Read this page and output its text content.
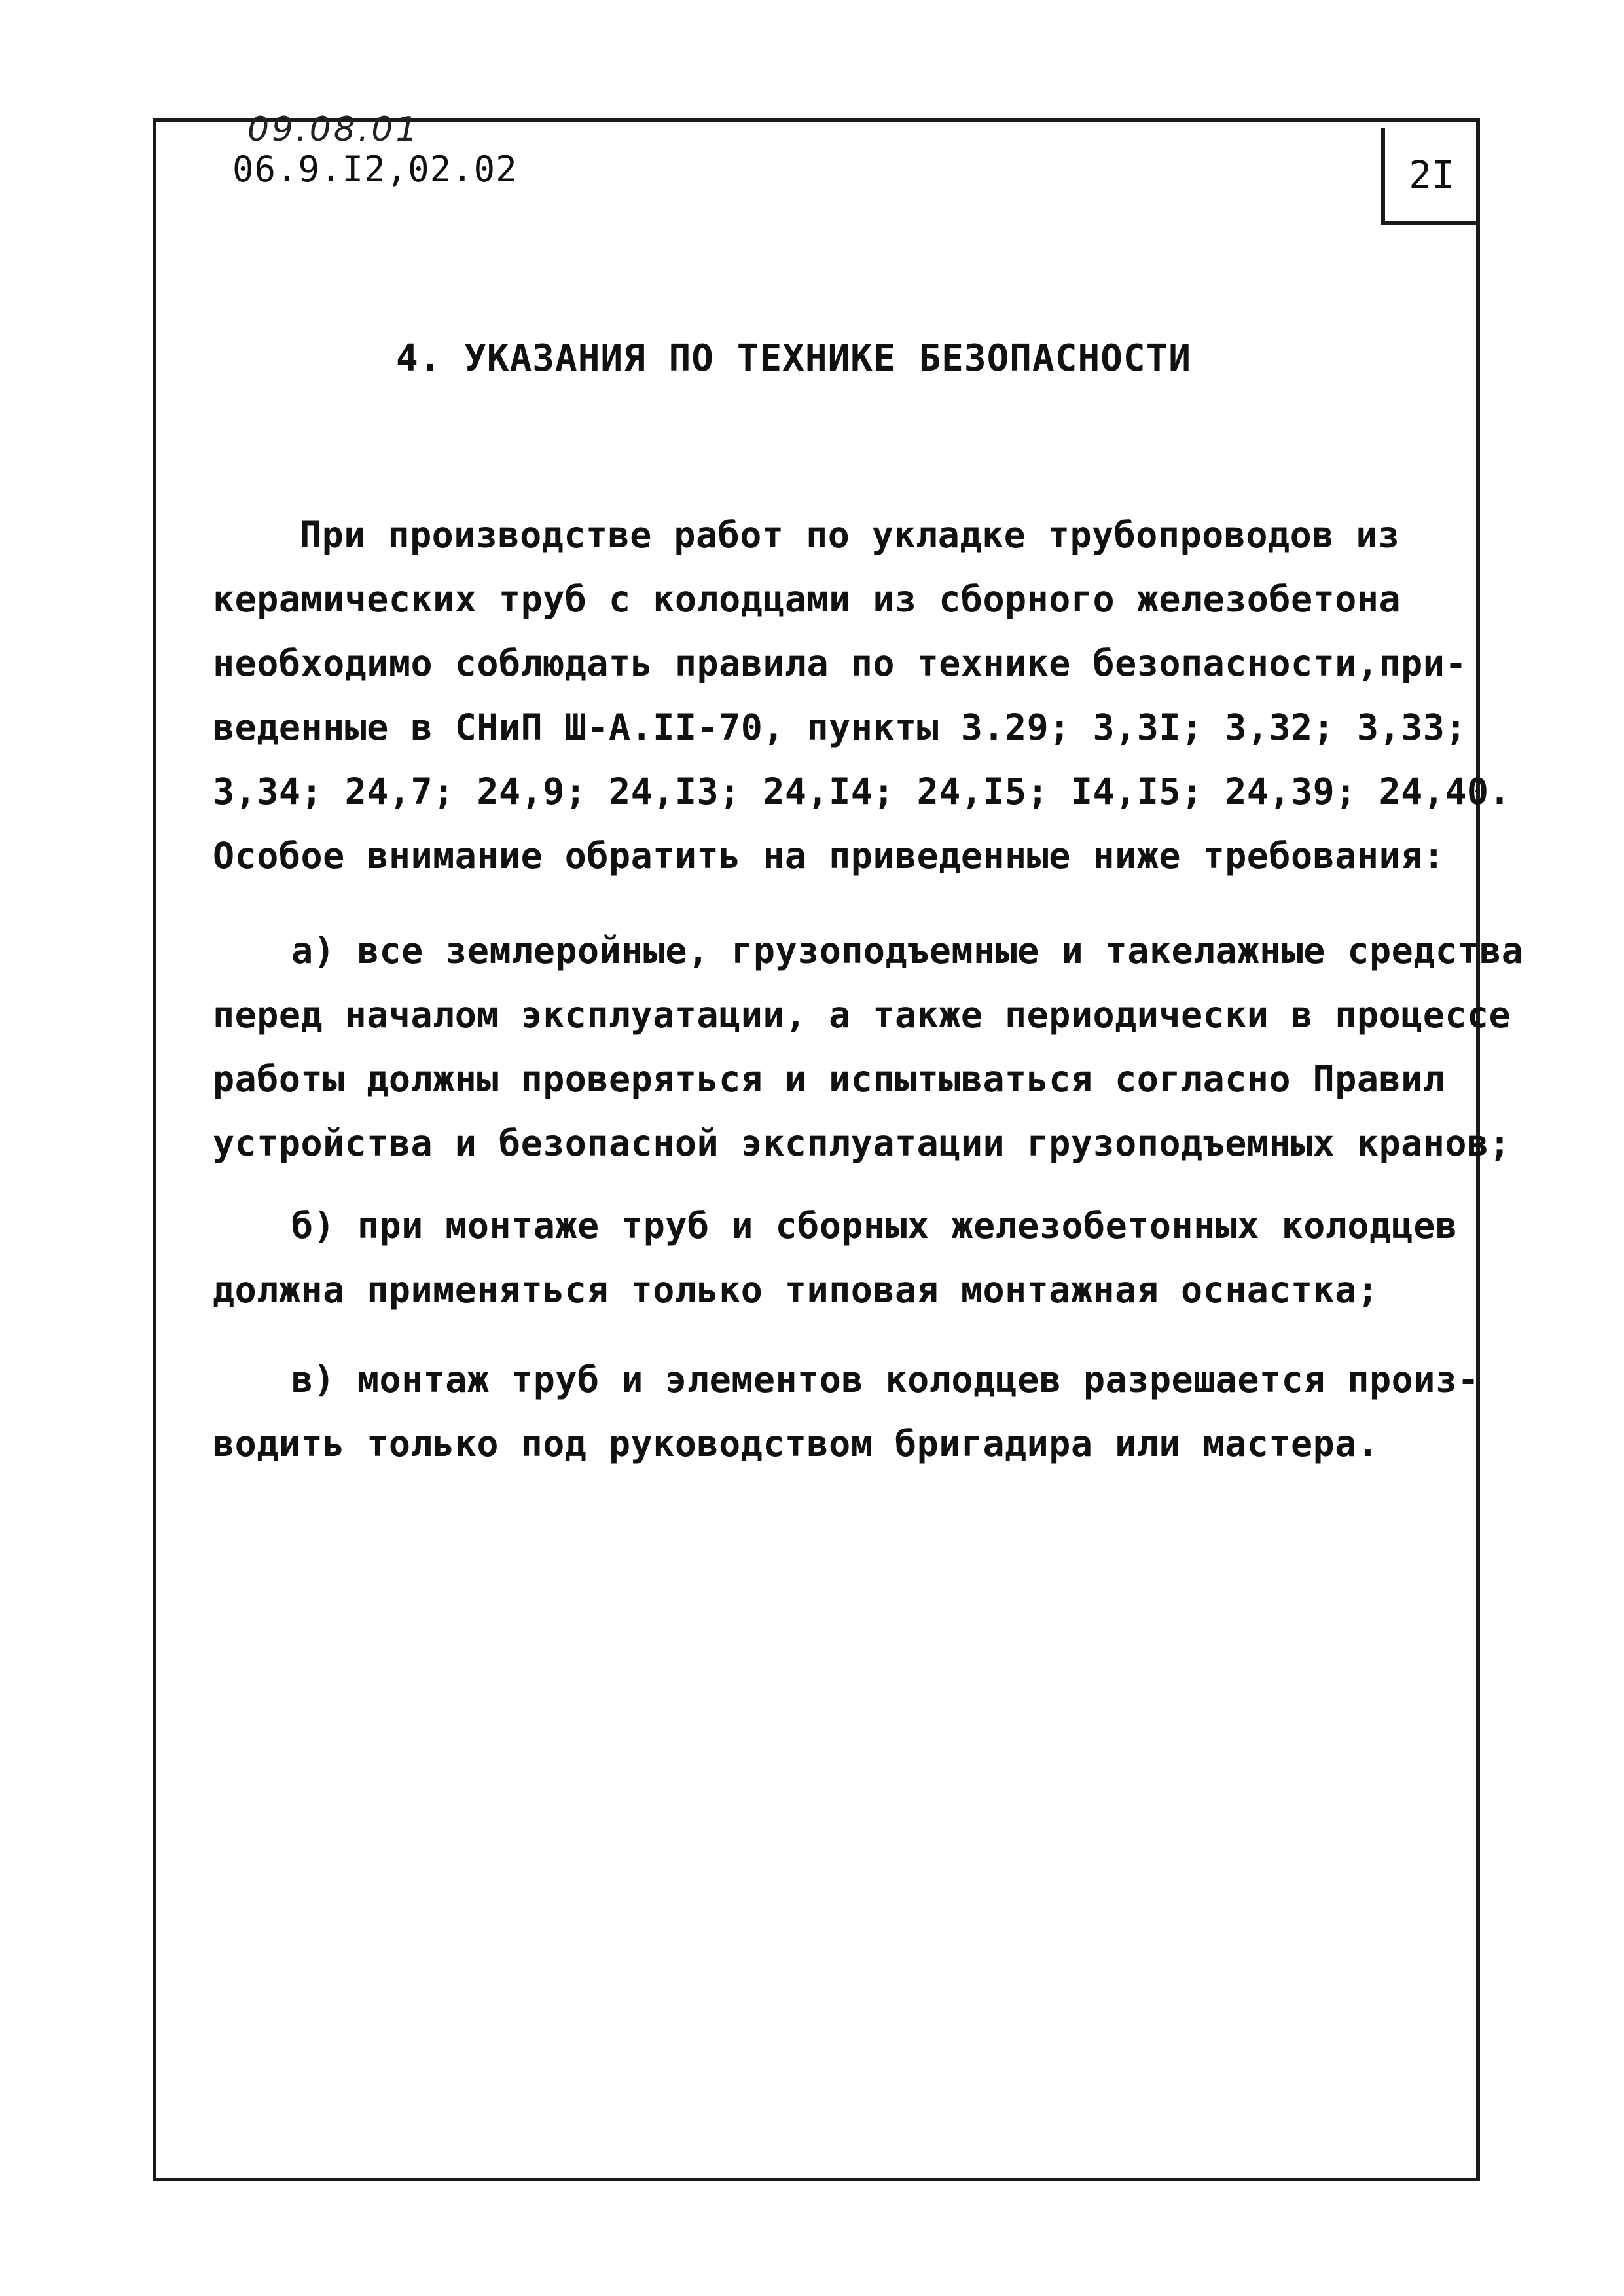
09.08.01
06.9.I2,02.02	2I
4. УКАЗАНИЯ ПО ТЕХНИКЕ БЕЗОПАСНОСТИ
При производстве работ по укладке трубопроводов из
керамических труб с колодцами из сборного железобетона
необходимо соблюдать правила по технике безопасности,при-
веденные в СНиП Ш-А.II-70, пункты 3.29; 3,3I; 3,32; 3,33;
3,34; 24,7; 24,9; 24,I3; 24,I4; 24,I5; I4,I5; 24,39; 24,40.
Особое внимание обратить на приведенные ниже требования:
а) все землеройные, грузоподъемные и такелажные средства
перед началом эксплуатации, а также периодически в процессе
работы должны проверяться и испытываться согласно Правил
устройства и безопасной эксплуатации грузоподъемных кранов;
б) при монтаже труб и сборных железобетонных колодцев
должна применяться только типовая монтажная оснастка;
в) монтаж труб и элементов колодцев разрешается произ-
водить только под руководством бригадира или мастера.
